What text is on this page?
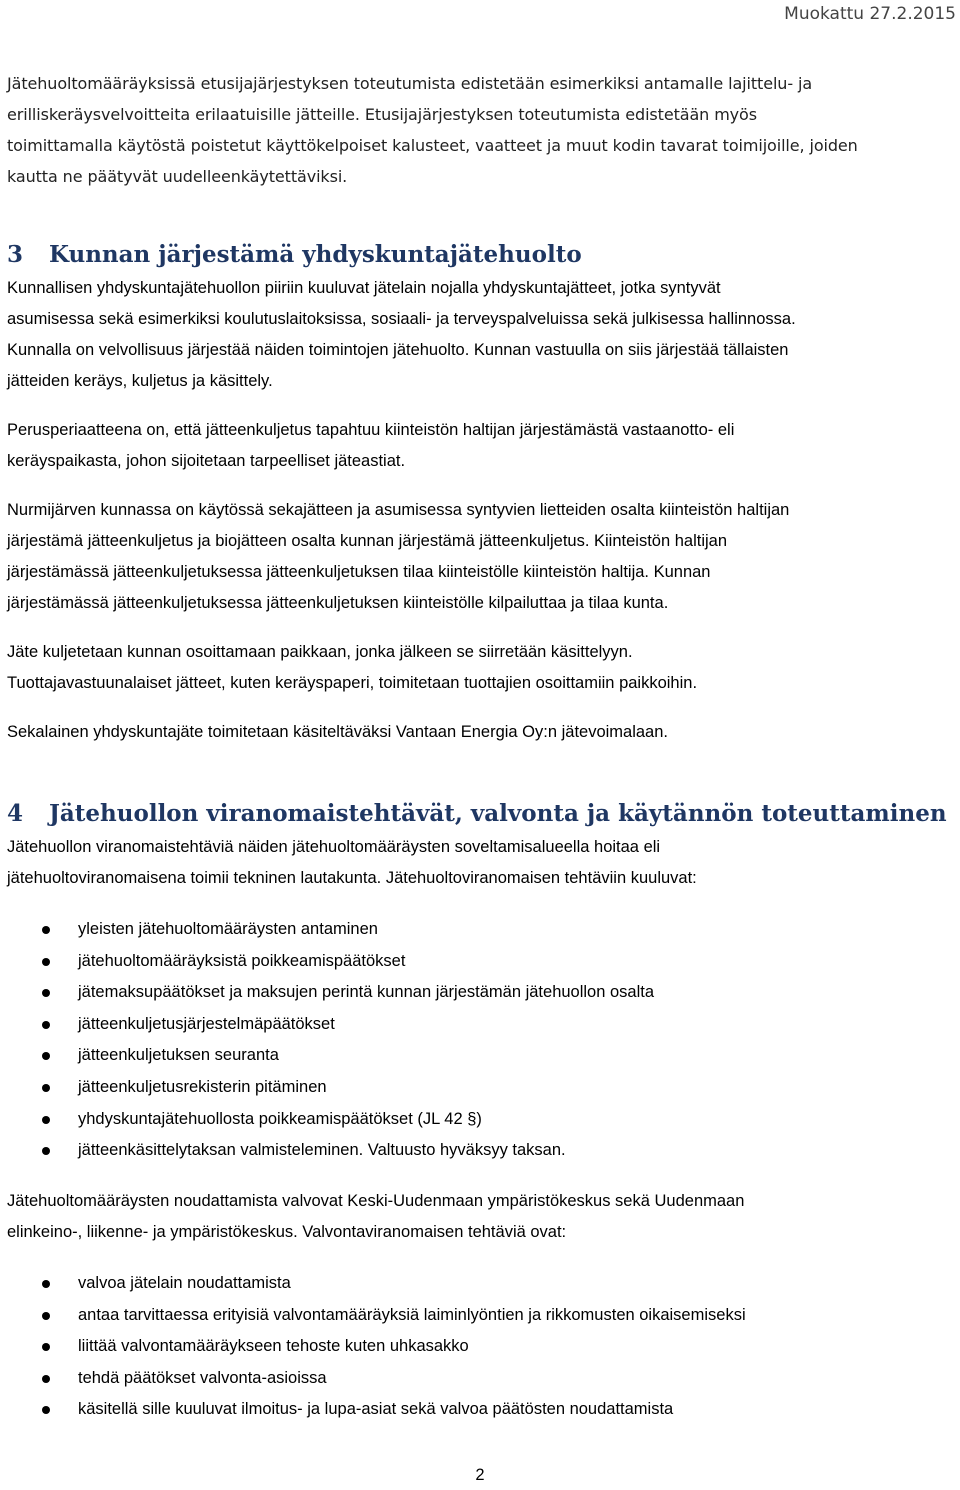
Muokattu 27.2.2015

Jätehuoltomääräyksissä etusijajärjestyksen toteutumista edistetään esimerkiksi antamalle lajittelu- ja
erilliskeräysvelvoitteita erilaatuisille jätteille. Etusijajärjestyksen toteutumista edistetään myös
toimittamalla käytöstä poistetut käyttökelpoiset kalusteet, vaatteet ja muut kodin tavarat toimijoille, joiden
kautta ne päätyvät uudelleenkäytettäviksi.

3 Kunnan järjestämä yhdyskuntajätehuolto

Kunnallisen yhdyskuntajätehuollon piiriin kuuluvat jätelain nojalla yhdyskuntajätteet, jotka syntyvät
asumisessa sekä esimerkiksi koulutuslaitoksissa, sosiaali- ja terveyspalveluissa sekä julkisessa hallinnossa.
Kunnalla on velvollisuus järjestää näiden toimintojen jätehuolto. Kunnan vastuulla on siis järjestää tällaisten
jätteiden keräys, kuljetus ja käsittely.

Perusperiaatteena on, että jätteenkuljetus tapahtuu kiinteistön haltijan järjestämästä vastaanotto- eli
keräyspaikasta, johon sijoitetaan tarpeelliset jäteastiat.

Nurmijärven kunnassa on käytössä sekajätteen ja asumisessa syntyvien lietteiden osalta kiinteistön haltijan
järjestämä jätteenkuljetus ja biojätteen osalta kunnan järjestämä jätteenkuljetus. Kiinteistön haltijan
järjestämässä jätteenkuljetuksessa jätteenkuljetuksen tilaa kiinteistölle kiinteistön haltija. Kunnan
järjestämässä jätteenkuljetuksessa jätteenkuljetuksen kiinteistölle kilpailuttaa ja tilaa kunta.

Jäte kuljetetaan kunnan osoittamaan paikkaan, jonka jälkeen se siirretään käsittelyyn.
Tuottajavastuunalaiset jätteet, kuten keräyspaperi, toimitetaan tuottajien osoittamiin paikkoihin.

Sekalainen yhdyskuntajäte toimitetaan käsiteltäväksi Vantaan Energia Oy:n jätevoimalaan.

4 Jätehuollon viranomaistehtävät, valvonta ja käytännön toteuttaminen

Jätehuollon viranomaistehtäviä näiden jätehuoltomääräysten soveltamisalueella hoitaa eli
jätehuoltoviranomaisena toimii tekninen lautakunta. Jätehuoltoviranomaisen tehtäviin kuuluvat:

yleisten jätehuoltomääräysten antaminen
jätehuoltomääräyksistä poikkeamispäätökset
jätemaksupäätökset ja maksujen perintä kunnan järjestämän jätehuollon osalta
jätteenkuljetusjärjestelmäpäätökset
jätteenkuljetuksen seuranta
jätteenkuljetusrekisterin pitäminen
yhdyskuntajätehuollosta poikkeamispäätökset (JL 42 §)
jätteenkäsittelytaksan valmisteleminen. Valtuusto hyväksyy taksan.

Jätehuoltomääräysten noudattamista valvovat Keski-Uudenmaan ympäristökeskus sekä Uudenmaan
elinkeino-, liikenne- ja ympäristökeskus. Valvontaviranomaisen tehtäviä ovat:

valvoa jätelain noudattamista
antaa tarvittaessa erityisiä valvontamääräyksiä laiminlyöntien ja rikkomusten oikaisemiseksi
liittää valvontamääräykseen tehoste kuten uhkasakko
tehdä päätökset valvonta-asioissa
käsitellä sille kuuluvat ilmoitus- ja lupa-asiat sekä valvoa päätösten noudattamista
2
